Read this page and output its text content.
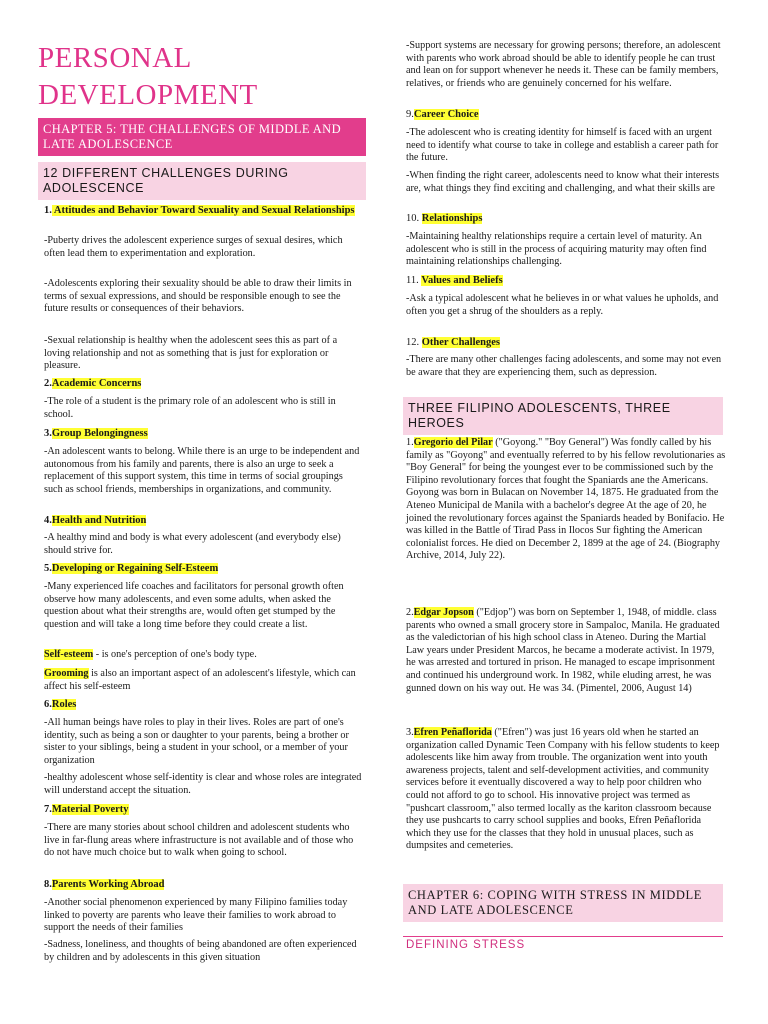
PERSONAL DEVELOPMENT
CHAPTER 5: THE CHALLENGES OF MIDDLE AND LATE ADOLESCENCE
12 DIFFERENT CHALLENGES DURING ADOLESCENCE
1. Attitudes and Behavior Toward Sexuality and Sexual Relationships

-Puberty drives the adolescent experience surges of sexual desires, which often lead them to experimentation and exploration.

-Adolescents exploring their sexuality should be able to draw their limits in terms of sexual expressions, and should be responsible enough to see the future results or consequences of their behaviors.

-Sexual relationship is healthy when the adolescent sees this as part of a loving relationship and not as something that is just for exploration or pleasure.

2.Academic Concerns

-The role of a student is the primary role of an adolescent who is still in school.

3.Group Belongingness

-An adolescent wants to belong. While there is an urge to be independent and autonomous from his family and parents, there is also an urge to seek a replacement of this support system, this time in terms of social groupings such as school friends, memberships in organizations, and community.

4.Health and Nutrition

-A healthy mind and body is what every adolescent (and everybody else) should strive for.

5.Developing or Regaining Self-Esteem

-Many experienced life coaches and facilitators for personal growth often observe how many adolescents, and even some adults, when asked the question about what their strengths are, would often get stumped by the question and will take a long time before they could create a list.

Self-esteem - is one's perception of one's body type.

Grooming is also an important aspect of an adolescent's lifestyle, which can affect his self-esteem

6.Roles

-All human beings have roles to play in their lives. Roles are part of one's identity, such as being a son or daughter to your parents, being a brother or sister to your siblings, being a student in your school, or a member of your organization

-healthy adolescent whose self-identity is clear and whose roles are integrated will understand accept the situation.

7.Material Poverty

-There are many stories about school children and adolescent students who live in far-flung areas where infrastructure is not available and of those who do not have much choice but to walk when going to school.

8.Parents Working Abroad

-Another social phenomenon experienced by many Filipino families today linked to poverty are parents who leave their families to work abroad to support the needs of their families

-Sadness, loneliness, and thoughts of being abandoned are often experienced by children and by adolescents in this given situation

-Support systems are necessary for growing persons; therefore, an adolescent with parents who work abroad should be able to identify people he can trust and lean on for support whenever he needs it. These can be family members, relatives, or friends who are genuinely concerned for his welfare.

9.Career Choice

-The adolescent who is creating identity for himself is faced with an urgent need to identify what course to take in college and establish a career path for the future.

-When finding the right career, adolescents need to know what their interests are, what things they find exciting and challenging, and what their skills are

10. Relationships

-Maintaining healthy relationships require a certain level of maturity. An adolescent who is still in the process of acquiring maturity may often find maintaining relationships challenging.

11. Values and Beliefs

-Ask a typical adolescent what he believes in or what values he upholds, and often you get a shrug of the shoulders as a reply.

12. Other Challenges

-There are many other challenges facing adolescents, and some may not even be aware that they are experiencing them, such as depression.

THREE FILIPINO ADOLESCENTS, THREE HEROES

1.Gregorio del Pilar ("Goyong." "Boy General") Was fondly called by his family as "Goyong" and eventually referred to by his fellow revolutionaries as "Boy General" for being the youngest ever to be commissioned such by the Filipino revolutionary forces that fought the Spaniards ane the Americans. Goyong was born in Bulacan on November 14, 1875. He graduated from the Ateneo Municipal de Manila with a bachelor's degree At the age of 20, he joined the revolutionary forces against the Spaniards headed by Bonifacio. He was killed in the Battle of Tirad Pass in Ilocos Sur fighting the American colonialist forces. He died on December 2, 1899 at the age of 24. (Biography Archive, 2014, July 22).

2.Edgar Jopson ("Edjop") was born on September 1, 1948, of middle. class parents who owned a small grocery store in Sampaloc, Manila. He graduated as the valedictorian of his high school class in Ateneo. During the Martial Law years under President Marcos, he became a moderate activist. In 1979, he was arrested and tortured in prison. He managed to escape imprisonment and continued his underground work. In 1982, while eluding arrest, he was gunned down on his way out. He was 34. (Pimentel, 2006, August 14)

3.Efren Peñaflorida ("Efren") was just 16 years old when he started an organization called Dynamic Teen Company with his fellow students to keep adolescents like him away from trouble. The organization went into youth awareness projects, talent and self-development activities, and community services before it eventually discovered a way to help poor children who could not afford to go to school. His innovative project was termed as "pushcart classroom," also termed locally as the kariton classroom because they use pushcarts to carry school supplies and books, Efren Peñaflorida which they use for the classes that they hold in unusual places, such as dumpsites and cemeteries.

CHAPTER 6: COPING WITH STRESS IN MIDDLE AND LATE ADOLESCENCE
DEFINING STRESS
